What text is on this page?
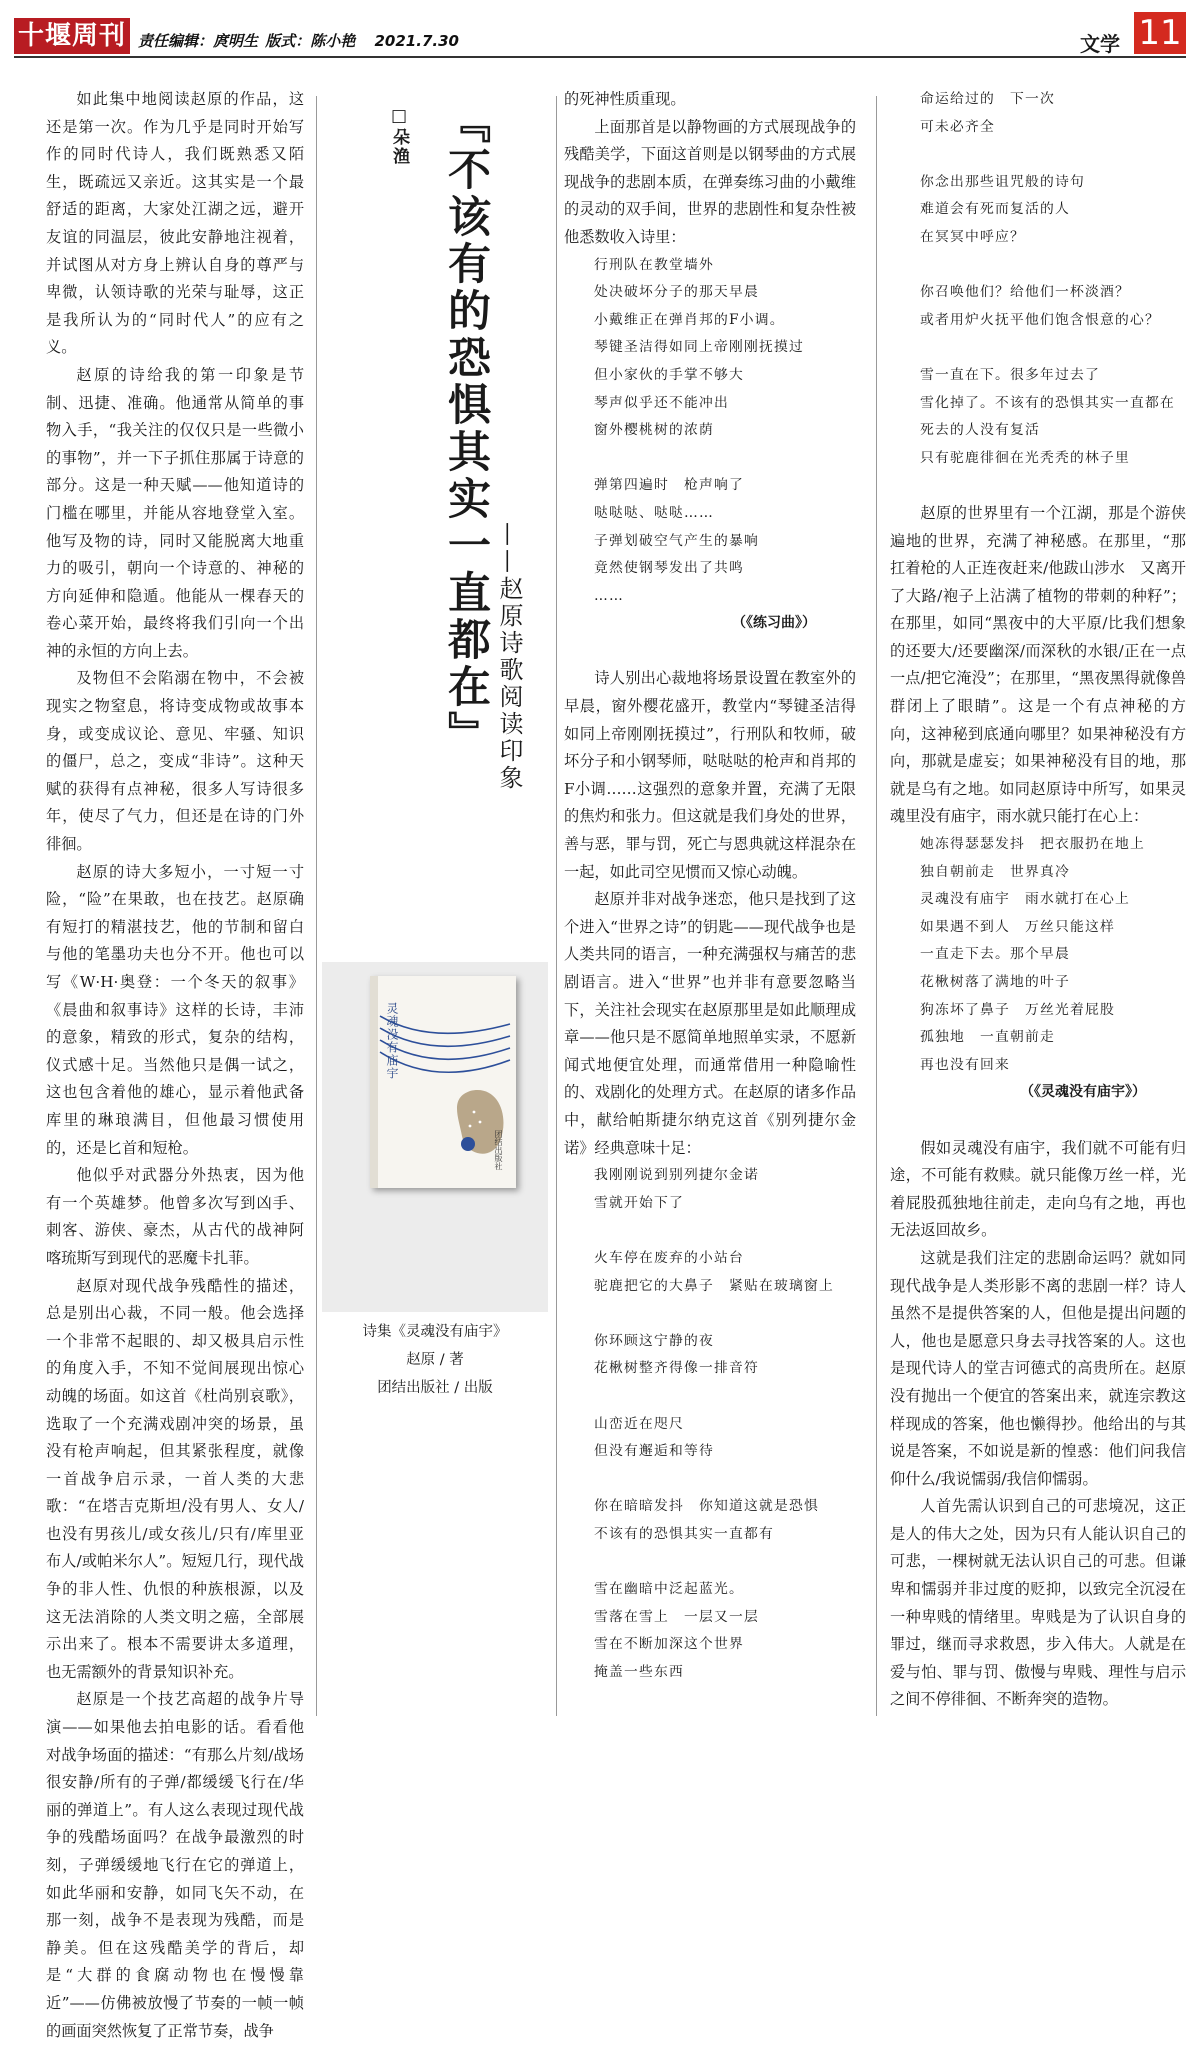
十堰周刊 责任编辑：庹明生 版式：陈小艳 2021.7.30	文学 11

如此集中地阅读赵原的作品，这还是第一次。作为几乎是同时开始写作的同时代诗人，我们既熟悉又陌生，既疏远又亲近。这其实是一个最舒适的距离，大家处江湖之远，避开友谊的同温层，彼此安静地注视着，并试图从对方身上辨认自身的尊严与卑微，认领诗歌的光荣与耻辱，这正是我所认为的“同时代人”的应有之义。

赵原的诗给我的第一印象是节制、迅捷、准确。他通常从简单的事物入手，“我关注的仅仅只是一些微小的事物”，并一下子抓住那属于诗意的部分。这是一种天赋——他知道诗的门槛在哪里，并能从容地登堂入室。他写及物的诗，同时又能脱离大地重力的吸引，朝向一个诗意的、神秘的方向延伸和隐遁。他能从一棵春天的卷心菜开始，最终将我们引向一个出神的永恒的方向上去。

及物但不会陷溺在物中，不会被现实之物窒息，将诗变成物或故事本身，或变成议论、意见、牢骚、知识的僵尸，总之，变成“非诗”。这种天赋的获得有点神秘，很多人写诗很多年，使尽了气力，但还是在诗的门外徘徊。

赵原的诗大多短小，一寸短一寸险，“险”在果敢，也在技艺。赵原确有短打的精湛技艺，他的节制和留白与他的笔墨功夫也分不开。他也可以写《W·H·奥登：一个冬天的叙事》《晨曲和叙事诗》这样的长诗，丰沛的意象，精致的形式，复杂的结构，仪式感十足。当然他只是偶一试之，这也包含着他的雄心，显示着他武备库里的琳琅满目，但他最习惯使用的，还是匕首和短枪。

他似乎对武器分外热衷，因为他有一个英雄梦。他曾多次写到凶手、刺客、游侠、豪杰，从古代的战神阿喀琉斯写到现代的恶魔卡扎菲。

赵原对现代战争残酷性的描述，总是别出心裁，不同一般。他会选择一个非常不起眼的、却又极具启示性的角度入手，不知不觉间展现出惊心动魄的场面。如这首《杜尚别哀歌》，选取了一个充满戏剧冲突的场景，虽没有枪声响起，但其紧张程度，就像一首战争启示录，一首人类的大悲歌：“在塔吉克斯坦/没有男人、女人/也没有男孩儿/或女孩儿/只有/库里亚布人/或帕米尔人”。短短几行，现代战争的非人性、仇恨的种族根源，以及这无法消除的人类文明之癌，全部展示出来了。根本不需要讲太多道理，也无需额外的背景知识补充。

赵原是一个技艺高超的战争片导演——如果他去拍电影的话。看看他对战争场面的描述：“有那么片刻/战场很安静/所有的子弹/都缓缓飞行在/华丽的弹道上”。有人这么表现过现代战争的残酷场面吗？在战争最激烈的时刻，子弹缓缓地飞行在它的弹道上，如此华丽和安静，如同飞矢不动，在那一刻，战争不是表现为残酷，而是静美。但在这残酷美学的背后，却是“大群的食腐动物也在慢慢靠近”——仿佛被放慢了节奏的一帧一帧的画面突然恢复了正常节奏，战争

□朵渔 『不该有的恐惧其实一直都在』 ——赵原诗歌阅读印象
灵魂没有庙宇
团结出版社
诗集《灵魂没有庙宇》
赵原 / 著
团结出版社 / 出版

的死神性质重现。

上面那首是以静物画的方式展现战争的残酷美学，下面这首则是以钢琴曲的方式展现战争的悲剧本质，在弹奏练习曲的小戴维的灵动的双手间，世界的悲剧性和复杂性被他悉数收入诗里：

行刑队在教堂墙外
处决破坏分子的那天早晨
小戴维正在弹肖邦的F小调。
琴键圣洁得如同上帝刚刚抚摸过
但小家伙的手掌不够大
琴声似乎还不能冲出
窗外樱桃树的浓荫
弹第四遍时　枪声响了
哒哒哒、哒哒……
子弹划破空气产生的暴响
竟然使钢琴发出了共鸣
……
（《练习曲》）

诗人别出心裁地将场景设置在教室外的早晨，窗外樱花盛开，教堂内“琴键圣洁得如同上帝刚刚抚摸过”，行刑队和牧师，破坏分子和小钢琴师，哒哒哒的枪声和肖邦的F小调……这强烈的意象并置，充满了无限的焦灼和张力。但这就是我们身处的世界，善与恶，罪与罚，死亡与恩典就这样混杂在一起，如此司空见惯而又惊心动魄。

赵原并非对战争迷恋，他只是找到了这个进入“世界之诗”的钥匙——现代战争也是人类共同的语言，一种充满强权与痛苦的悲剧语言。进入“世界”也并非有意要忽略当下，关注社会现实在赵原那里是如此顺理成章——他只是不愿简单地照单实录，不愿新闻式地便宜处理，而通常借用一种隐喻性的、戏剧化的处理方式。在赵原的诸多作品中，献给帕斯捷尔纳克这首《别列捷尔金诺》经典意味十足：

我刚刚说到别列捷尔金诺
雪就开始下了
火车停在废弃的小站台
驼鹿把它的大鼻子　紧贴在玻璃窗上
你环顾这宁静的夜
花楸树整齐得像一排音符
山峦近在咫尺
但没有邂逅和等待
你在暗暗发抖　你知道这就是恐惧
不该有的恐惧其实一直都有
雪在幽暗中泛起蓝光。
雪落在雪上　一层又一层
雪在不断加深这个世界
掩盖一些东西
命运给过的　下一次
可未必齐全
你念出那些诅咒般的诗句
难道会有死而复活的人
在冥冥中呼应？
你召唤他们？给他们一杯淡酒？
或者用炉火抚平他们饱含恨意的心？
雪一直在下。很多年过去了
雪化掉了。不该有的恐惧其实一直都在
死去的人没有复活
只有驼鹿徘徊在光秃秃的林子里

赵原的世界里有一个江湖，那是个游侠遍地的世界，充满了神秘感。在那里，“那扛着枪的人正连夜赶来/他跋山涉水　又离开了大路/袍子上沾满了植物的带刺的种籽”；在那里，如同“黑夜中的大平原/比我们想象的还要大/还要幽深/而深秋的水银/正在一点一点/把它淹没”；在那里，“黑夜黑得就像兽群闭上了眼睛”。这是一个有点神秘的方向，这神秘到底通向哪里？如果神秘没有方向，那就是虚妄；如果神秘没有目的地，那就是乌有之地。如同赵原诗中所写，如果灵魂里没有庙宇，雨水就只能打在心上：

她冻得瑟瑟发抖　把衣服扔在地上
独自朝前走　世界真冷
灵魂没有庙宇　雨水就打在心上
如果遇不到人　万丝只能这样
一直走下去。那个早晨
花楸树落了满地的叶子
狗冻坏了鼻子　万丝光着屁股
孤独地　一直朝前走
再也没有回来
（《灵魂没有庙宇》）

假如灵魂没有庙宇，我们就不可能有归途，不可能有救赎。就只能像万丝一样，光着屁股孤独地往前走，走向乌有之地，再也无法返回故乡。

这就是我们注定的悲剧命运吗？就如同现代战争是人类形影不离的悲剧一样？诗人虽然不是提供答案的人，但他是提出问题的人，他也是愿意只身去寻找答案的人。这也是现代诗人的堂吉诃德式的高贵所在。赵原没有抛出一个便宜的答案出来，就连宗教这样现成的答案，他也懒得抄。他给出的与其说是答案，不如说是新的惶惑：他们问我信仰什么/我说懦弱/我信仰懦弱。

人首先需认识到自己的可悲境况，这正是人的伟大之处，因为只有人能认识自己的可悲，一棵树就无法认识自己的可悲。但谦卑和懦弱并非过度的贬抑，以致完全沉浸在一种卑贱的情绪里。卑贱是为了认识自身的罪过，继而寻求救恩，步入伟大。人就是在爱与怕、罪与罚、傲慢与卑贱、理性与启示之间不停徘徊、不断奔突的造物。
